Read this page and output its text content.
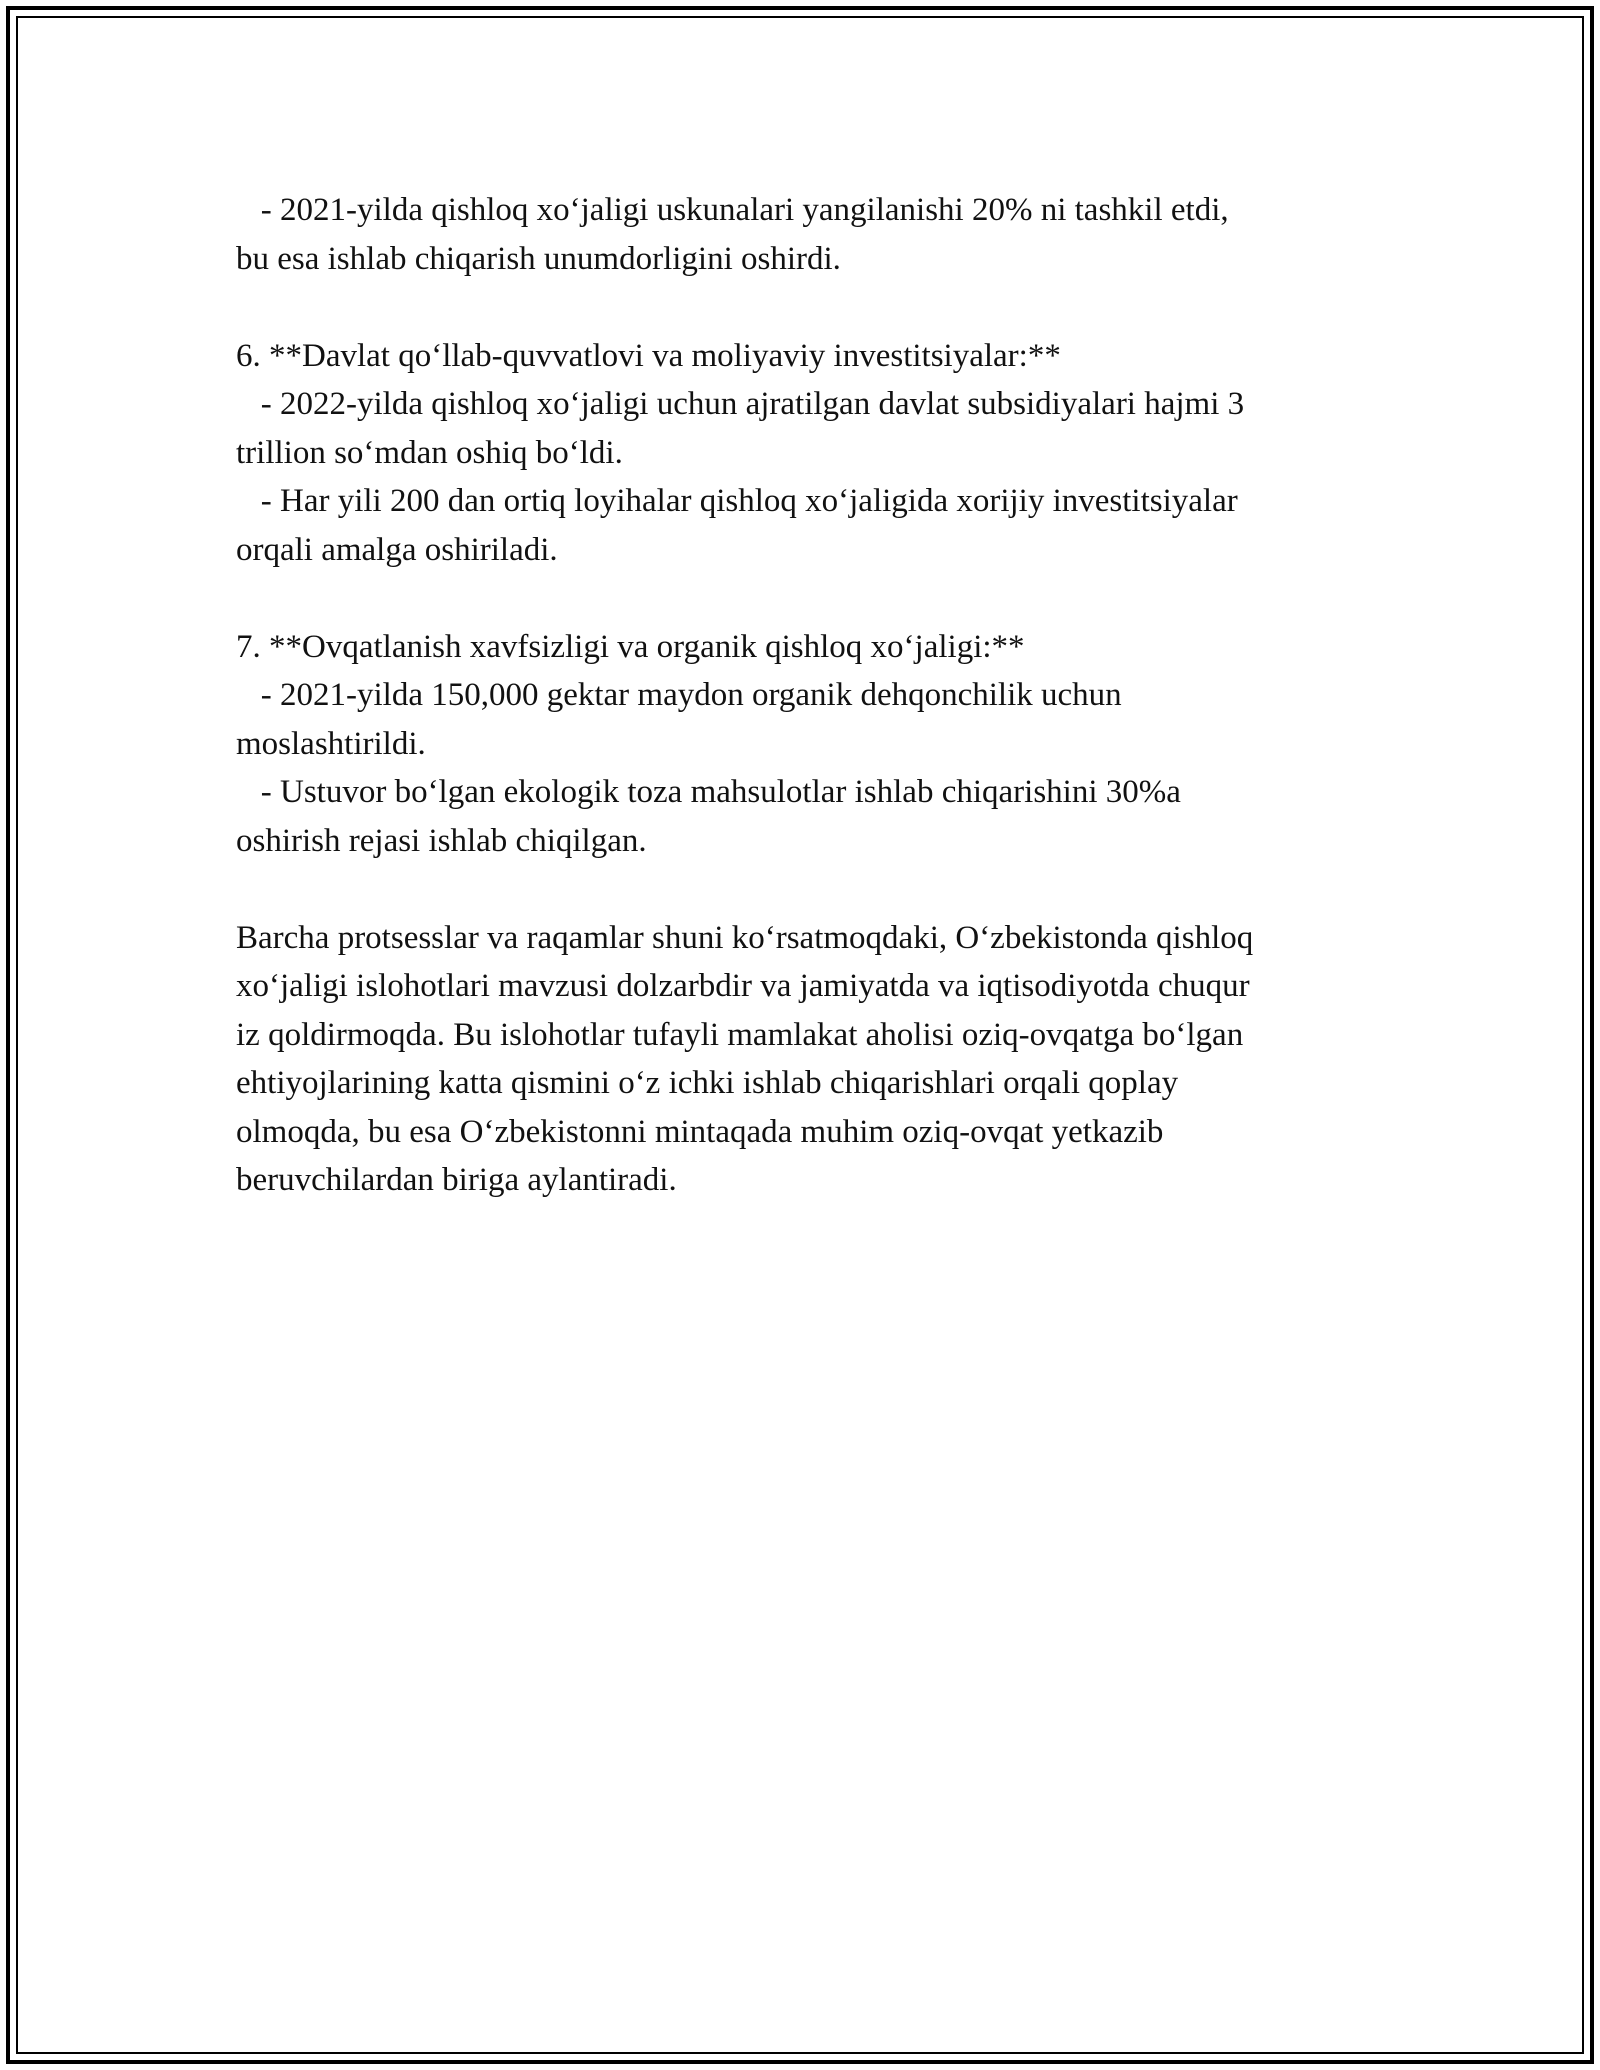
- 2021-yilda qishloq xo‘jaligi uskunalari yangilanishi 20% ni tashkil etdi,
bu esa ishlab chiqarish unumdorligini oshirdi.
6. **Davlat qo‘llab-quvvatlovi va moliyaviy investitsiyalar:**
- 2022-yilda qishloq xo‘jaligi uchun ajratilgan davlat subsidiyalari hajmi 3
trillion so‘mdan oshiq bo‘ldi.
- Har yili 200 dan ortiq loyihalar qishloq xo‘jaligida xorijiy investitsiyalar
orqali amalga oshiriladi.
7. **Ovqatlanish xavfsizligi va organik qishloq xo‘jaligi:**
- 2021-yilda 150,000 gektar maydon organik dehqonchilik uchun
moslashtirildi.
- Ustuvor bo‘lgan ekologik toza mahsulotlar ishlab chiqarishini 30%a
oshirish rejasi ishlab chiqilgan.
Barcha protsesslar va raqamlar shuni ko‘rsatmoqdaki, O‘zbekistonda qishloq
xo‘jaligi islohotlari mavzusi dolzarbdir va jamiyatda va iqtisodiyotda chuqur
iz qoldirmoqda. Bu islohotlar tufayli mamlakat aholisi oziq-ovqatga bo‘lgan
ehtiyojlarining katta qismini o‘z ichki ishlab chiqarishlari orqali qoplay
olmoqda, bu esa O‘zbekistonni mintaqada muhim oziq-ovqat yetkazib
beruvchilardan biriga aylantiradi.
